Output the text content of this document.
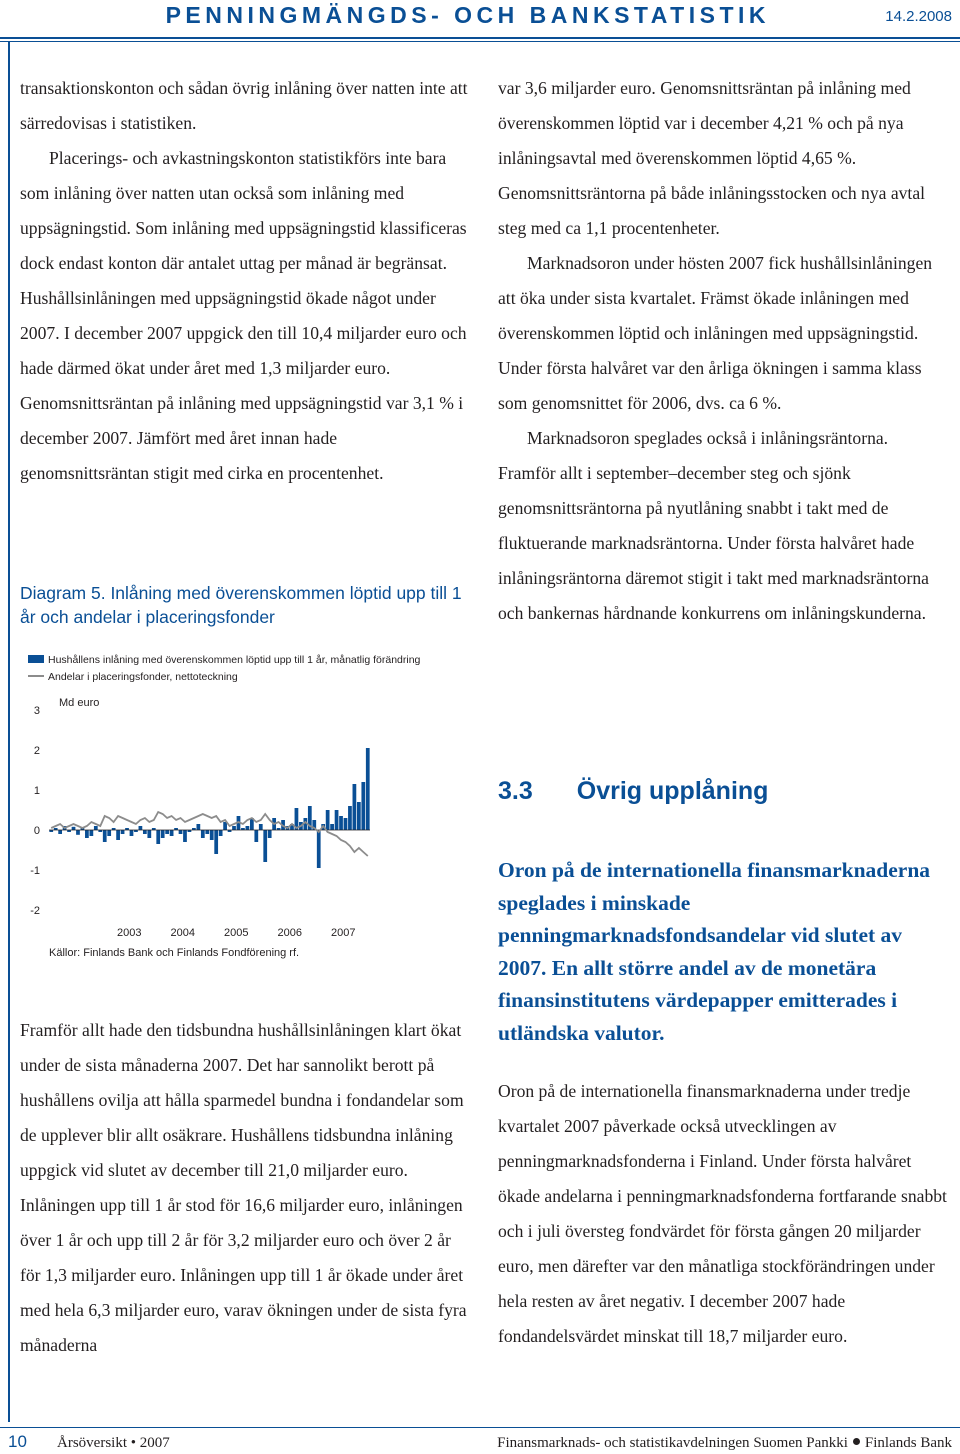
PENNINGMÄNGDS- OCH BANKSTATISTIK	14.2.2008

transaktionskonton och sådan övrig inlåning över natten inte att särredovisas i statistiken.

Placerings- och avkastningskonton statistikförs inte bara som inlåning över natten utan också som inlåning med uppsägningstid. Som inlåning med uppsägningstid klassificeras dock endast konton där antalet uttag per månad är begränsat. Hushållsinlåningen med uppsägningstid ökade något under 2007. I december 2007 uppgick den till 10,4 miljarder euro och hade därmed ökat under året med 1,3 miljarder euro. Genomsnittsräntan på inlåning med uppsägningstid var 3,1 % i december 2007. Jämfört med året innan hade genomsnittsräntan stigit med cirka en procentenhet.

Diagram 5. Inlåning med överenskommen löptid upp till 1 år och andelar i placeringsfonder
Hushållens inlåning med överenskommen löptid upp till 1 år, månatlig förändring
Andelar i placeringsfonder, nettoteckning
Md euro
3
2
1
0
-1
-2
2003	2004	2005	2006	2007
Källor: Finlands Bank och Finlands Fondförening rf.

Framför allt hade den tidsbundna hushållsinlåningen klart ökat under de sista månaderna 2007. Det har sannolikt berott på hushållens ovilja att hålla sparmedel bundna i fondandelar som de upplever blir allt osäkrare. Hushållens tidsbundna inlåning uppgick vid slutet av december till 21,0 miljarder euro. Inlåningen upp till 1 år stod för 16,6 miljarder euro, inlåningen över 1 år och upp till 2 år för 3,2 miljarder euro och över 2 år för 1,3 miljarder euro. Inlåningen upp till 1 år ökade under året med hela 6,3 miljarder euro, varav ökningen under de sista fyra månaderna

var 3,6 miljarder euro. Genomsnittsräntan på inlåning med överenskommen löptid var i december 4,21 % och på nya inlåningsavtal med överenskommen löptid 4,65 %. Genomsnittsräntorna på både inlåningsstocken och nya avtal steg med ca 1,1 procentenheter.

Marknadsoron under hösten 2007 fick hushållsinlåningen att öka under sista kvartalet. Främst ökade inlåningen med överenskommen löptid och inlåningen med uppsägningstid. Under första halvåret var den årliga ökningen i samma klass som genomsnittet för 2006, dvs. ca 6 %.

Marknadsoron speglades också i inlåningsräntorna. Framför allt i september–december steg och sjönk genomsnittsräntorna på nyutlåning snabbt i takt med de fluktuerande marknadsräntorna. Under första halvåret hade inlåningsräntorna däremot stigit i takt med marknadsräntorna och bankernas hårdnande konkurrens om inlåningskunderna.

3.3 Övrig upplåning
Oron på de internationella finansmarknaderna speglades i minskade penningmarknadsfondsandelar vid slutet av 2007. En allt större andel av de monetära finansinstitutens värdepapper emitterades i utländska valutor.

Oron på de internationella finansmarknaderna under tredje kvartalet 2007 påverkade också utvecklingen av penningmarknadsfonderna i Finland. Under första halvåret ökade andelarna i penningmarknadsfonderna fortfarande snabbt och i juli översteg fondvärdet för första gången 20 miljarder euro, men därefter var den månatliga stockförändringen under hela resten av året negativ. I december 2007 hade fondandelsvärdet minskat till 18,7 miljarder euro.

10 Årsöversikt • 2007	Finansmarknads- och statistikavdelningen Suomen Pankki Finlands Bank
